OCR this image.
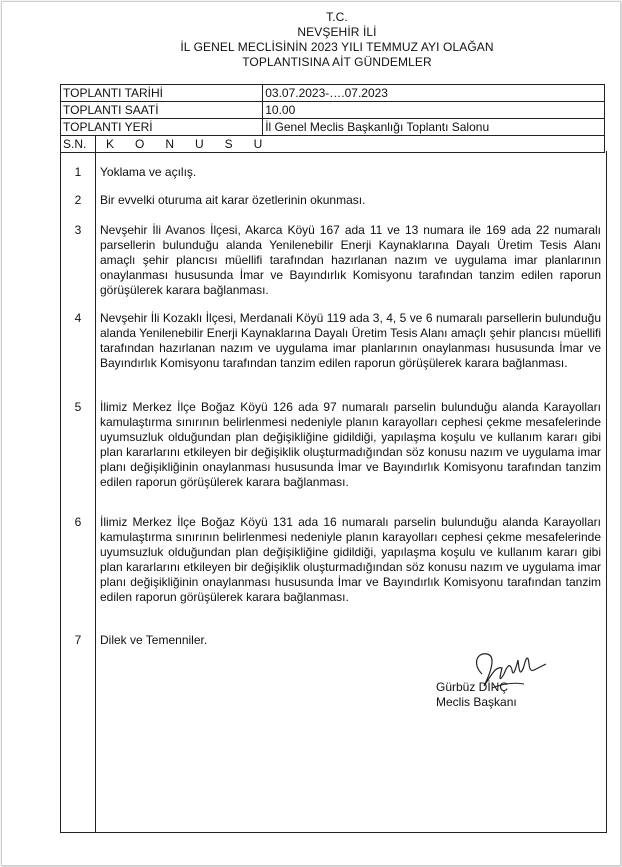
T.C.
NEVŞEHİR İLİ
İL GENEL MECLİSİNİN 2023 YILI TEMMUZ AYI OLAĞAN
TOPLANTISINA AİT GÜNDEMLER
TOPLANTI TARİHİ		03.07.2023-….07.2023
TOPLANTI SAATİ		10.00
TOPLANTI YERİ		İl Genel Meclis Başkanlığı Toplantı Salonu
S.N.	KONUSU	
1	Yoklama ve açılış.
2	Bir evvelki oturuma ait karar özetlerinin okunması.
3	Nevşehir İli Avanos İlçesi, Akarca Köyü 167 ada 11 ve 13 numara ile 169 ada 22 numaralı parsellerin bulunduğu alanda Yenilenebilir Enerji Kaynaklarına Dayalı Üretim Tesis Alanı amaçlı şehir plancısı müellifi tarafından hazırlanan nazım ve uygulama imar planlarının onaylanması hususunda İmar ve Bayındırlık Komisyonu tarafından tanzim edilen raporun görüşülerek karara bağlanması.
4	Nevşehir İli Kozaklı İlçesi, Merdanali Köyü 119 ada 3, 4, 5 ve 6 numaralı parsellerin bulunduğu alanda Yenilenebilir Enerji Kaynaklarına Dayalı Üretim Tesis Alanı amaçlı şehir plancısı müellifi tarafından hazırlanan nazım ve uygulama imar planlarının onaylanması hususunda İmar ve Bayındırlık Komisyonu tarafından tanzim edilen raporun görüşülerek karara bağlanması.
5	İlimiz Merkez İlçe Boğaz Köyü 126 ada 97 numaralı parselin bulunduğu alanda Karayolları kamulaştırma sınırının belirlenmesi nedeniyle planın karayolları cephesi çekme mesafelerinde uyumsuzluk olduğundan plan değişikliğine gidildiği, yapılaşma koşulu ve kullanım kararı gibi plan kararlarını etkileyen bir değişiklik oluşturmadığından söz konusu nazım ve uygulama imar planı değişikliğinin onaylanması hususunda İmar ve Bayındırlık Komisyonu tarafından tanzim edilen raporun görüşülerek karara bağlanması.
6	İlimiz Merkez İlçe Boğaz Köyü 131 ada 16 numaralı parselin bulunduğu alanda Karayolları kamulaştırma sınırının belirlenmesi nedeniyle planın karayolları cephesi çekme mesafelerinde uyumsuzluk olduğundan plan değişikliğine gidildiği, yapılaşma koşulu ve kullanım kararı gibi plan kararlarını etkileyen bir değişiklik oluşturmadığından söz konusu nazım ve uygulama imar planı değişikliğinin onaylanması hususunda İmar ve Bayındırlık Komisyonu tarafından tanzim edilen raporun görüşülerek karara bağlanması.
7	Dilek ve Temenniler.
Gürbüz DİNÇ
Meclis Başkanı
